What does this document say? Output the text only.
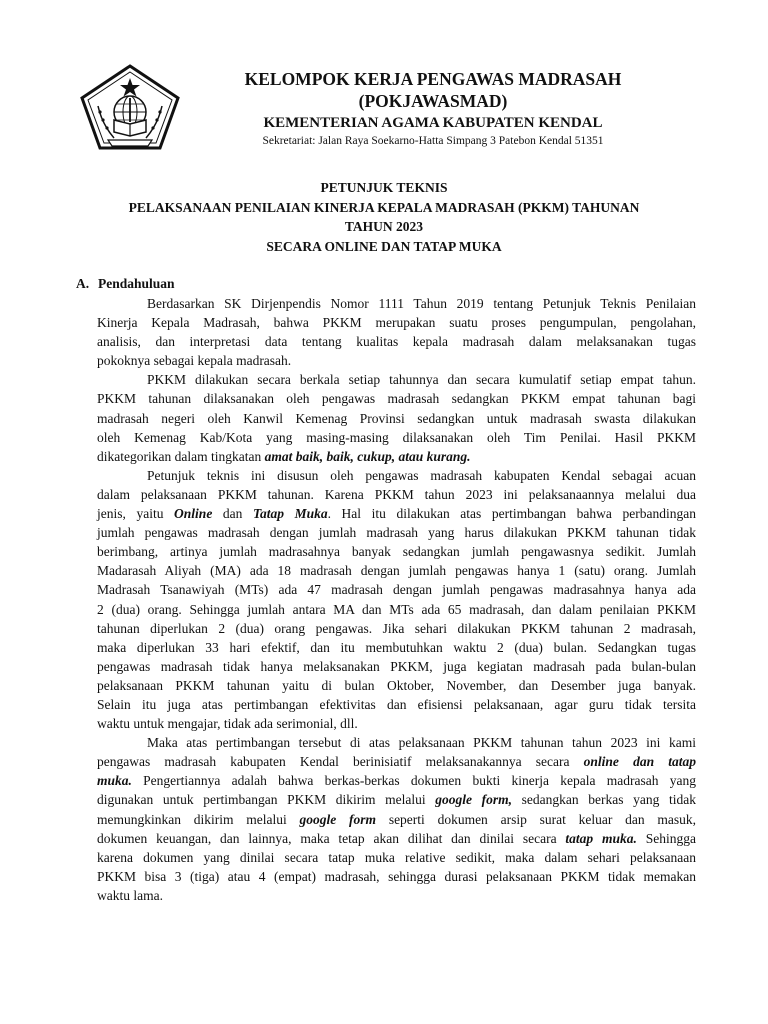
KELOMPOK KERJA PENGAWAS MADRASAH
(POKJAWASMAD)
KEMENTERIAN AGAMA KABUPATEN KENDAL
Sekretariat: Jalan Raya Soekarno-Hatta Simpang 3 Patebon Kendal 51351
PETUNJUK TEKNIS
PELAKSANAAN PENILAIAN KINERJA KEPALA MADRASAH (PKKM) TAHUNAN
TAHUN 2023
SECARA ONLINE DAN TATAP MUKA
A. Pendahuluan
Berdasarkan SK Dirjenpendis Nomor 1111 Tahun 2019 tentang Petunjuk Teknis Penilaian
Kinerja Kepala Madrasah, bahwa PKKM merupakan suatu proses pengumpulan, pengolahan,
analisis, dan interpretasi data tentang kualitas kepala madrasah dalam melaksanakan tugas
pokoknya sebagai kepala madrasah.
PKKM dilakukan secara berkala setiap tahunnya dan secara kumulatif setiap empat tahun.
PKKM tahunan dilaksanakan oleh pengawas madrasah sedangkan PKKM empat tahunan bagi
madrasah negeri oleh Kanwil Kemenag Provinsi sedangkan untuk madrasah swasta dilakukan
oleh Kemenag Kab/Kota yang masing-masing dilaksanakan oleh Tim Penilai. Hasil PKKM
dikategorikan dalam tingkatan amat baik, baik, cukup, atau kurang.
Petunjuk teknis ini disusun oleh pengawas madrasah kabupaten Kendal sebagai acuan
dalam pelaksanaan PKKM tahunan. Karena PKKM tahun 2023 ini pelaksanaannya melalui dua
jenis, yaitu Online dan Tatap Muka. Hal itu dilakukan atas pertimbangan bahwa perbandingan
jumlah pengawas madrasah dengan jumlah madrasah yang harus dilakukan PKKM tahunan tidak
berimbang, artinya jumlah madrasahnya banyak sedangkan jumlah pengawasnya sedikit. Jumlah
Madarasah Aliyah (MA) ada 18 madrasah dengan jumlah pengawas hanya 1 (satu) orang. Jumlah
Madrasah Tsanawiyah (MTs) ada 47 madrasah dengan jumlah pengawas madrasahnya hanya ada
2 (dua) orang. Sehingga jumlah antara MA dan MTs ada 65 madrasah, dan dalam penilaian PKKM
tahunan diperlukan 2 (dua) orang pengawas. Jika sehari dilakukan PKKM tahunan 2 madrasah,
maka diperlukan 33 hari efektif, dan itu membutuhkan waktu 2 (dua) bulan. Sedangkan tugas
pengawas madrasah tidak hanya melaksanakan PKKM, juga kegiatan madrasah pada bulan-bulan
pelaksanaan PKKM tahunan yaitu di bulan Oktober, November, dan Desember juga banyak.
Selain itu juga atas pertimbangan efektivitas dan efisiensi pelaksanaan, agar guru tidak tersita
waktu untuk mengajar, tidak ada serimonial, dll.
Maka atas pertimbangan tersebut di atas pelaksanaan PKKM tahunan tahun 2023 ini kami
pengawas madrasah kabupaten Kendal berinisiatif melaksanakannya secara online dan tatap
muka. Pengertiannya adalah bahwa berkas-berkas dokumen bukti kinerja kepala madrasah yang
digunakan untuk pertimbangan PKKM dikirim melalui google form, sedangkan berkas yang tidak
memungkinkan dikirim melalui google form seperti dokumen arsip surat keluar dan masuk,
dokumen keuangan, dan lainnya, maka tetap akan dilihat dan dinilai secara tatap muka. Sehingga
karena dokumen yang dinilai secara tatap muka relative sedikit, maka dalam sehari pelaksanaan
PKKM bisa 3 (tiga) atau 4 (empat) madrasah, sehingga durasi pelaksanaan PKKM tidak memakan
waktu lama.
